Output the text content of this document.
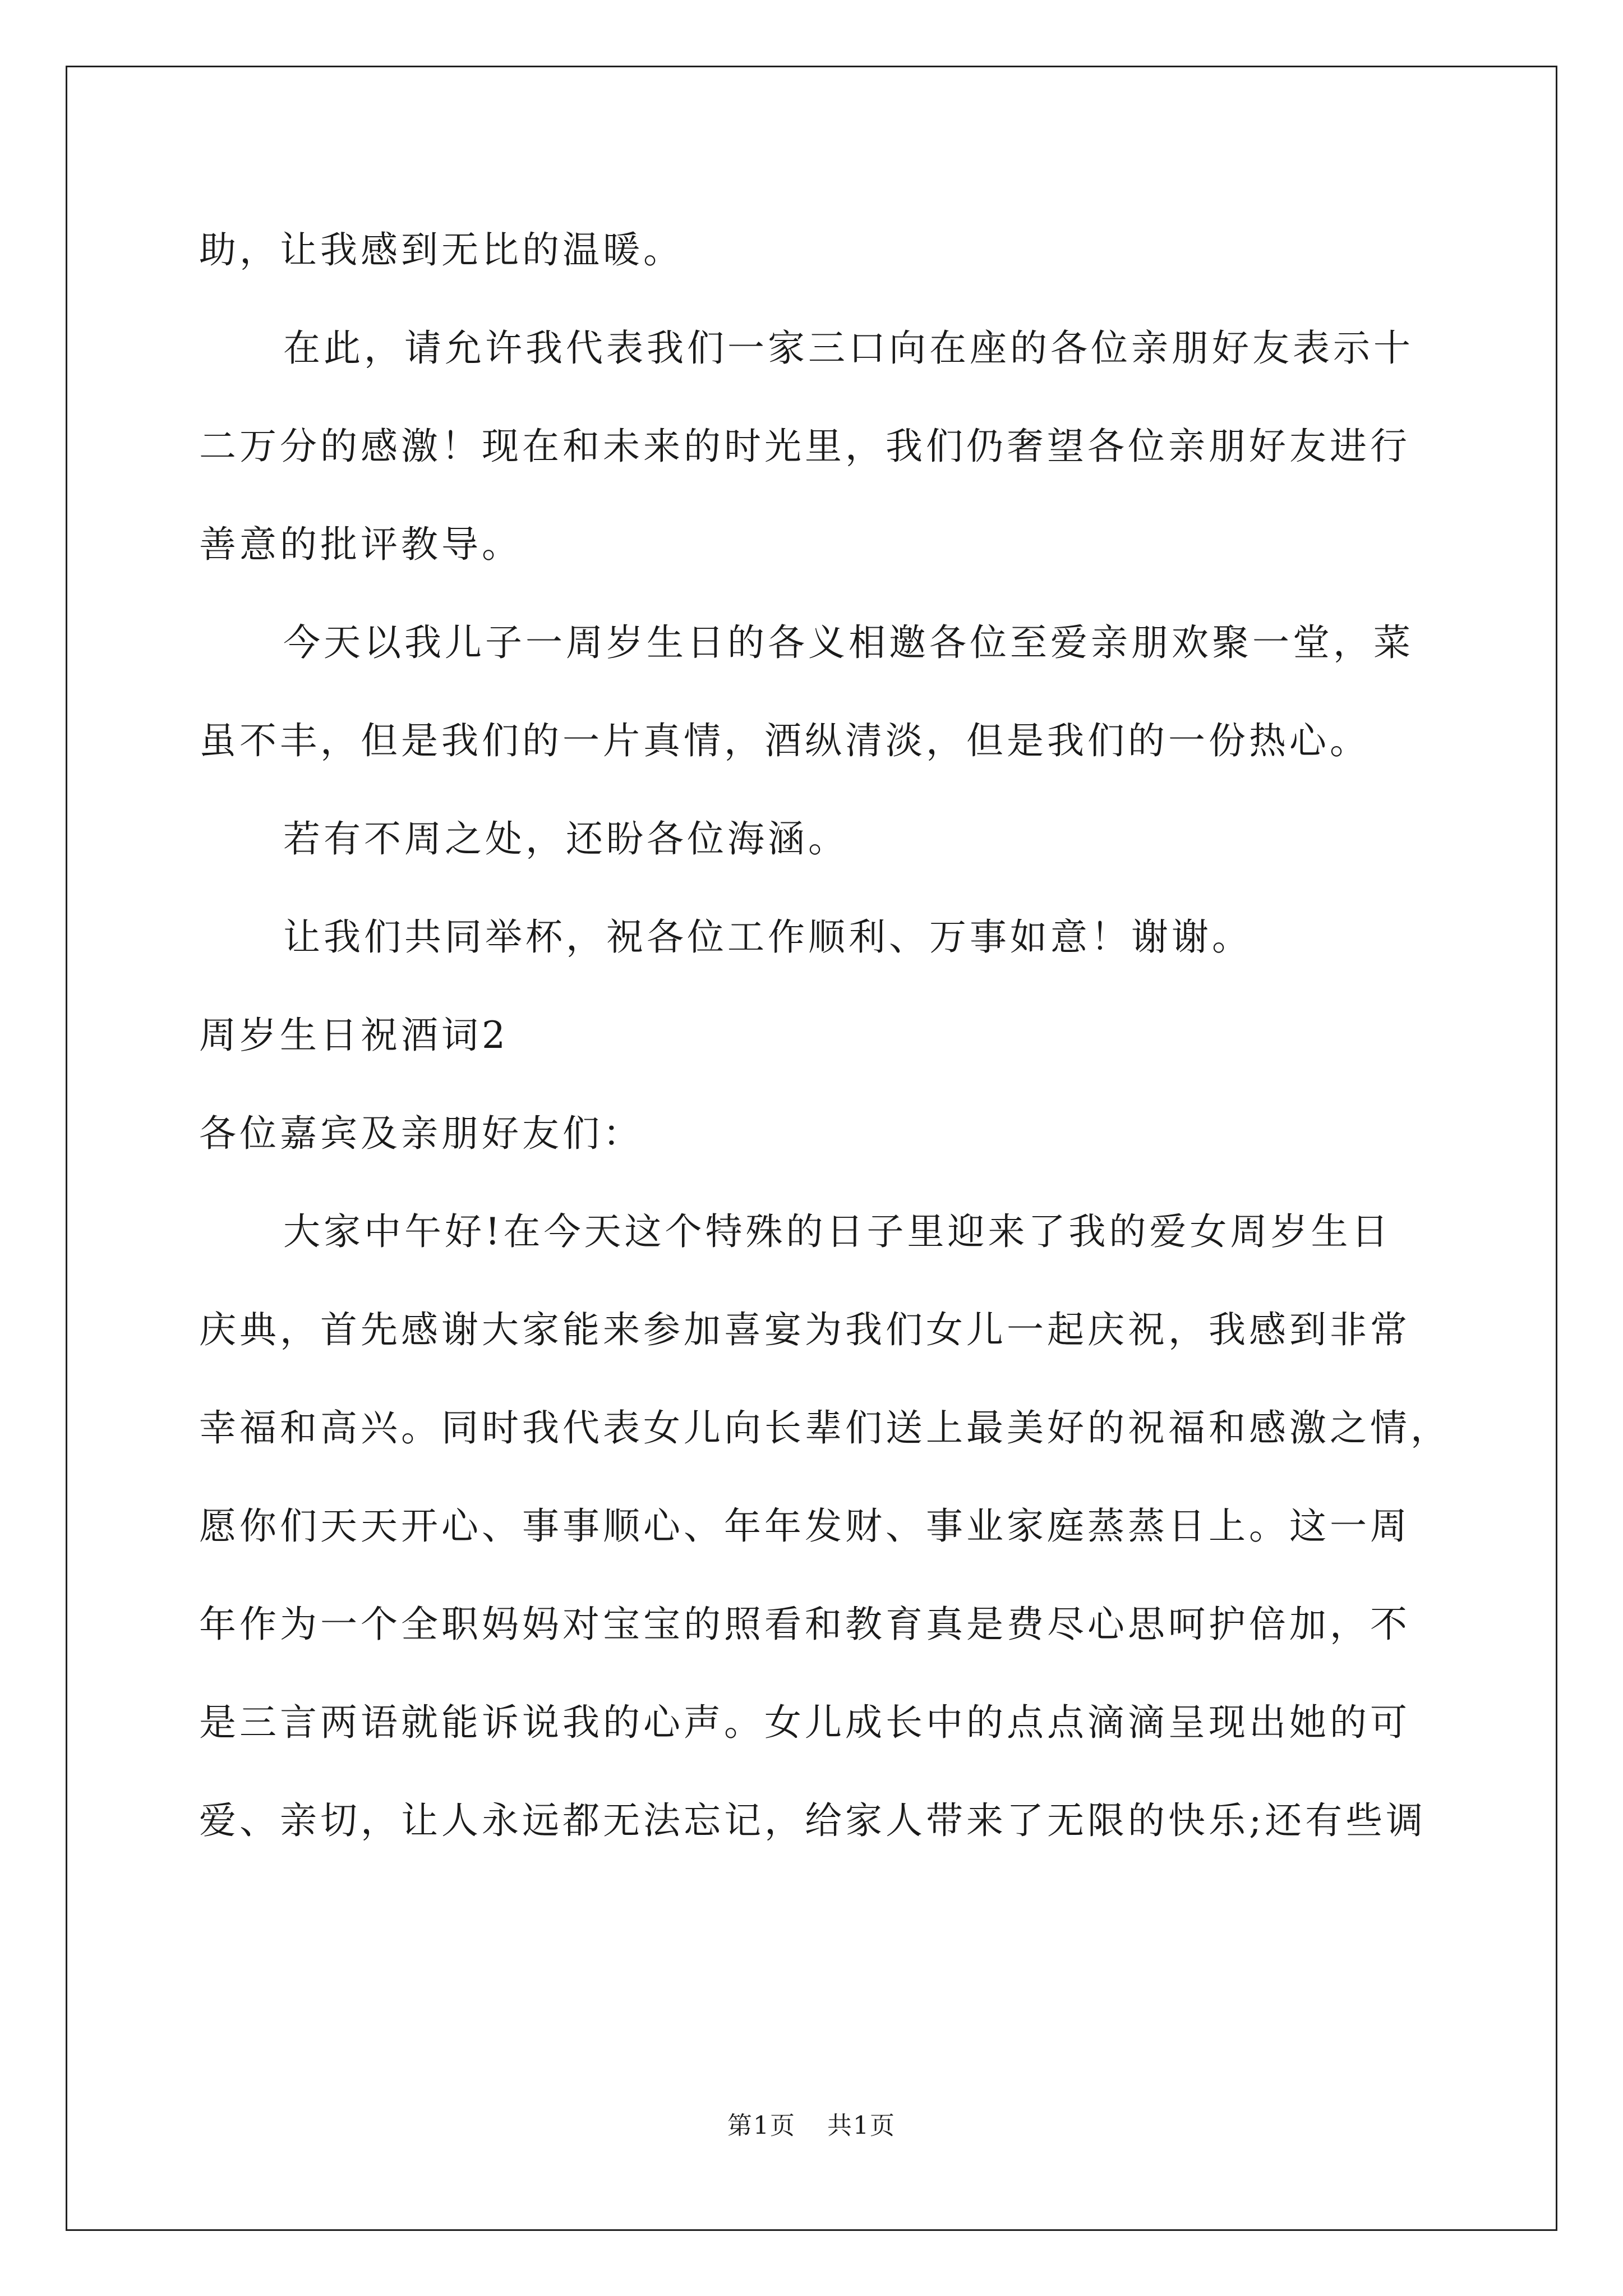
助，让我感到无比的温暖。
在此，请允许我代表我们一家三口向在座的各位亲朋好友表示十
二万分的感激！现在和未来的时光里，我们仍奢望各位亲朋好友进行
善意的批评教导。
今天以我儿子一周岁生日的各义相邀各位至爱亲朋欢聚一堂，菜
虽不丰，但是我们的一片真情，酒纵清淡，但是我们的一份热心。
若有不周之处，还盼各位海涵。
让我们共同举杯，祝各位工作顺利、万事如意！谢谢。
周岁生日祝酒词2
各位嘉宾及亲朋好友们：
大家中午好!在今天这个特殊的日子里迎来了我的爱女周岁生日
庆典，首先感谢大家能来参加喜宴为我们女儿一起庆祝，我感到非常
幸福和高兴。同时我代表女儿向长辈们送上最美好的祝福和感激之情，
愿你们天天开心、事事顺心、年年发财、事业家庭蒸蒸日上。这一周
年作为一个全职妈妈对宝宝的照看和教育真是费尽心思呵护倍加，不
是三言两语就能诉说我的心声。女儿成长中的点点滴滴呈现出她的可
爱、亲切，让人永远都无法忘记，给家人带来了无限的快乐;还有些调

第1页 共1页
